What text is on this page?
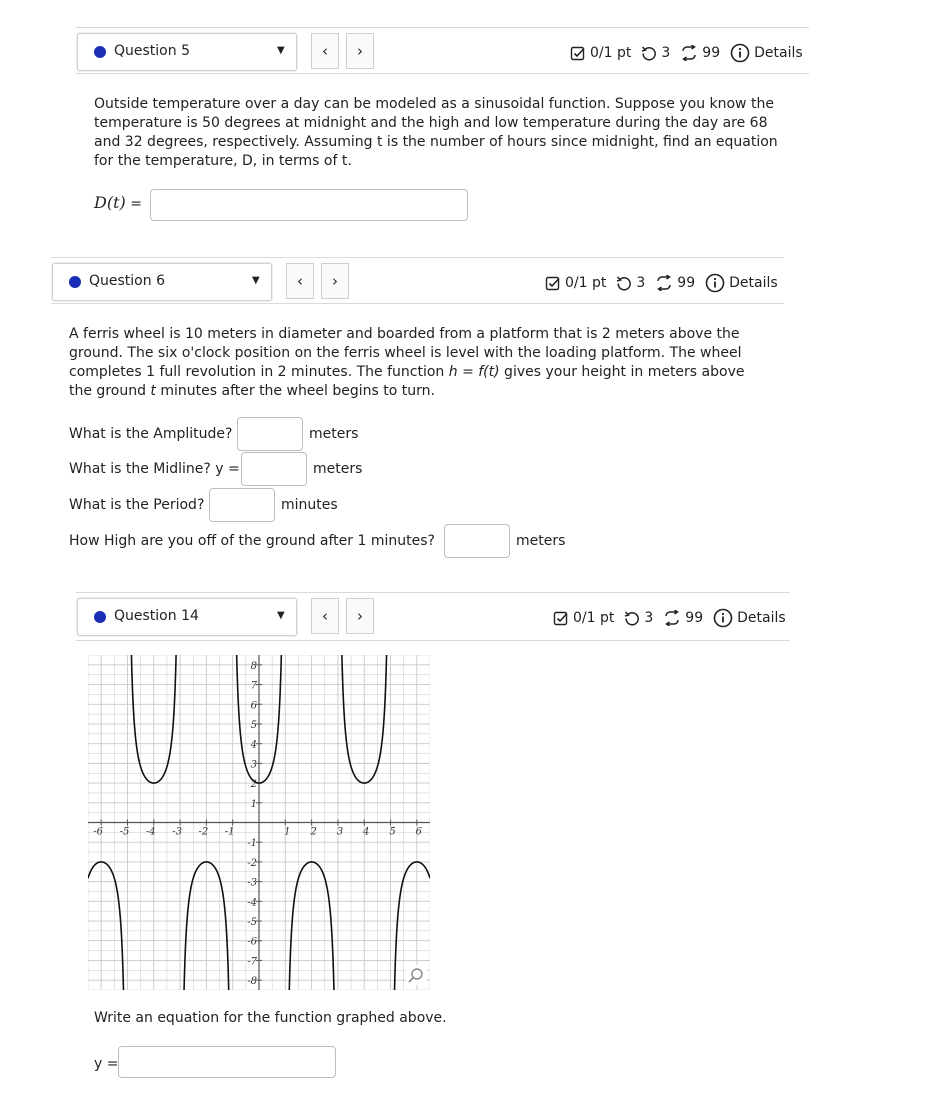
Question 5	▼	‹	›	0/1 pt 3 99 Details
Outside temperature over a day can be modeled as a sinusoidal function. Suppose you know the temperature is 50 degrees at midnight and the high and low temperature during the day are 68 and 32 degrees, respectively. Assuming t is the number of hours since midnight, find an equation for the temperature, D, in terms of t.
D(t) =
Question 6	▼	‹	›	0/1 pt 3 99 Details
A ferris wheel is 10 meters in diameter and boarded from a platform that is 2 meters above the ground. The six o'clock position on the ferris wheel is level with the loading platform. The wheel completes 1 full revolution in 2 minutes. The function h = f(t) gives your height in meters above the ground t minutes after the wheel begins to turn.
What is the Amplitude?	meters
What is the Midline? y =	meters
What is the Period?	minutes
How High are you off of the ground after 1 minutes?	meters
Question 14	▼	‹	›	0/1 pt 3 99 Details
-6 -5 -4 -3 -2 -1	1 2 3 4 5 6
-8
-7
-6
-5
-4
-3
-2
-1
1
2
3
4
5
6
7
8
Write an equation for the function graphed above.
y =
